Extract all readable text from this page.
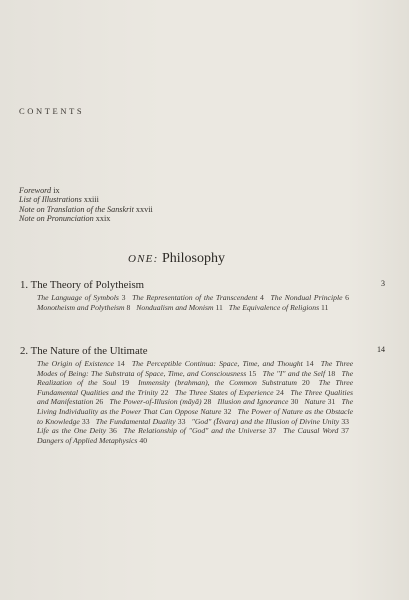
CONTENTS
Foreword ix
List of Illustrations xxiii
Note on Translation of the Sanskrit xxvii
Note on Pronunciation xxix
ONE: Philosophy
1. The Theory of Polytheism	3
The Language of Symbols 3 The Representation of the Transcendent 4 The Nondual Principle 6 Monotheism and Polytheism 8 Nondualism and Monism 11 The Equivalence of Religions 11
2. The Nature of the Ultimate	14
The Origin of Existence 14 The Perceptible Continua: Space, Time, and Thought 14 The Three Modes of Being: The Substrata of Space, Time, and Consciousness 15 The "I" and the Self 18 The Realization of the Soul 19 Immensity (brahman), the Common Substratum 20 The Three Fundamental Qualities and the Trinity 22 The Three States of Experience 24 The Three Qualities and Manifestation 26 The Power-of-Illusion (māyā) 28 Illusion and Ignorance 30 Nature 31 The Living Individuality as the Power That Can Oppose Nature 32 The Power of Nature as the Obstacle to Knowledge 33 The Fundamental Duality 33 "God" (Īśvara) and the Illusion of Divine Unity 33 Life as the One Deity 36 The Relationship of "God" and the Universe 37 The Causal Word 37 Dangers of Applied Metaphysics 40
